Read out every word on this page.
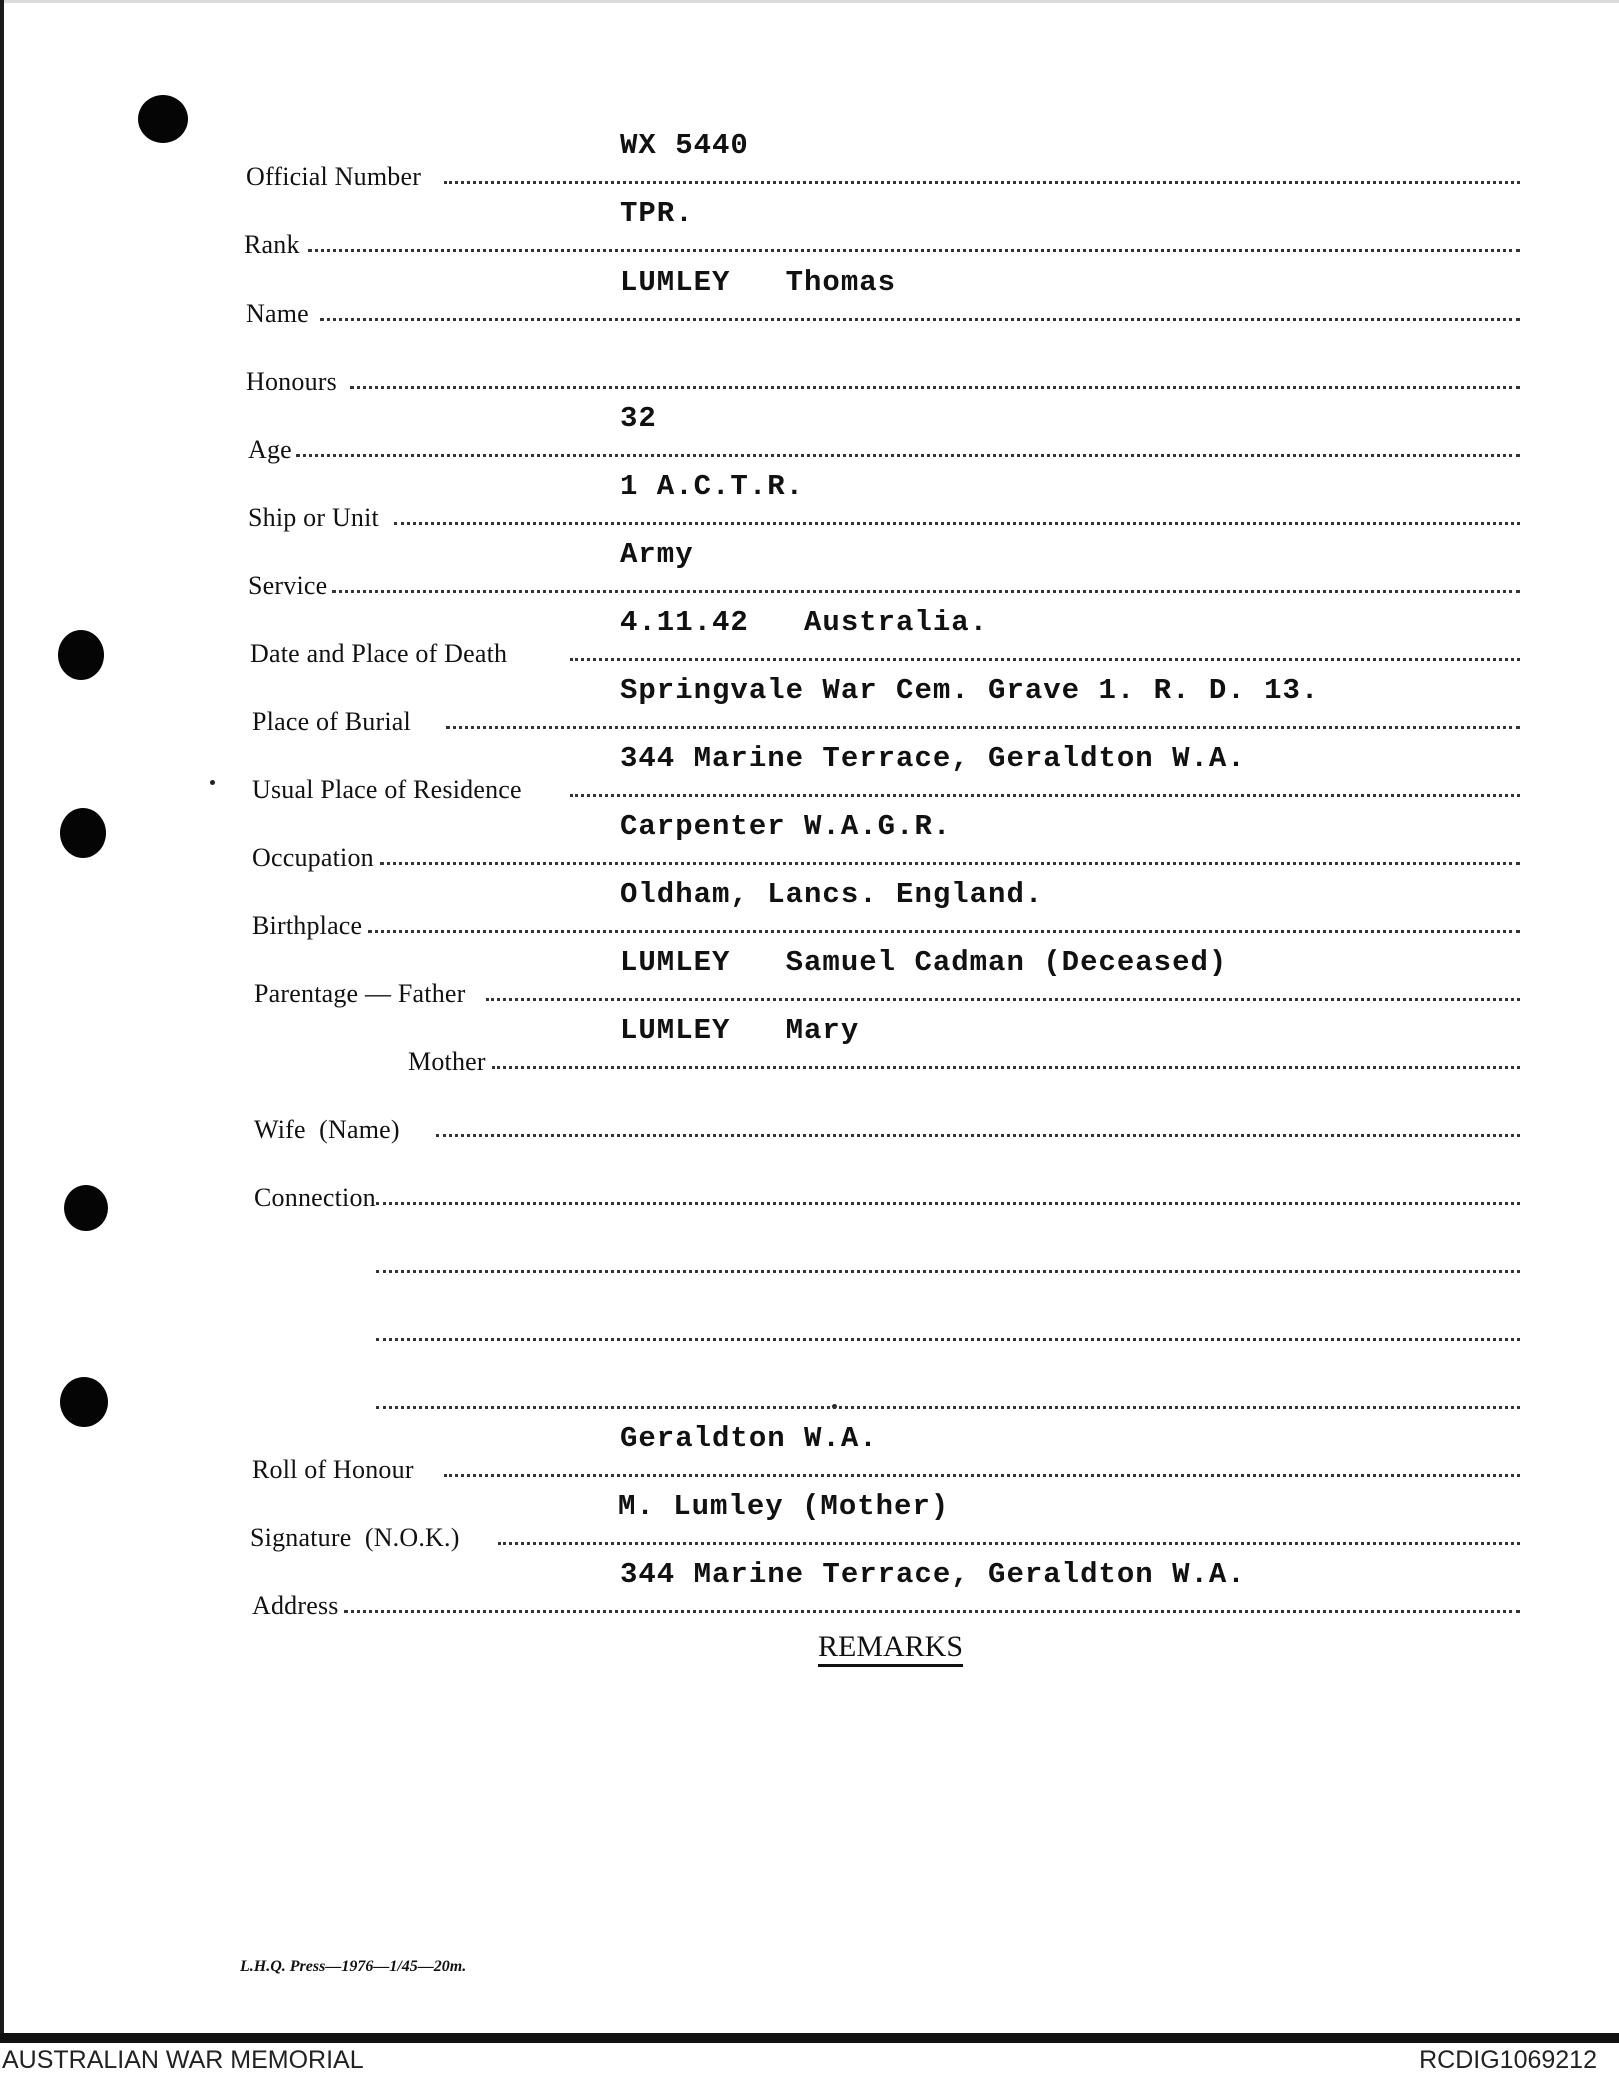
Official Number
WX 5440
Rank
TPR.
Name
LUMLEY   Thomas
Honours
Age
32
Ship or Unit
1 A.C.T.R.
Service
Army
Date and Place of Death
4.11.42   Australia.
Place of Burial
Springvale War Cem. Grave 1. R. D. 13.
Usual Place of Residence
344 Marine Terrace, Geraldton W.A.
Occupation
Carpenter W.A.G.R.
Birthplace
Oldham, Lancs. England.
Parentage — Father
LUMLEY   Samuel Cadman (Deceased)
Mother
LUMLEY   Mary
Wife  (Name)
Connection
Roll of Honour
Geraldton W.A.
Signature  (N.O.K.)
M. Lumley (Mother)
Address
344 Marine Terrace, Geraldton W.A.
REMARKS
L.H.Q. Press—1976—1/45—20m.
AUSTRALIAN WAR MEMORIAL	RCDIG1069212
